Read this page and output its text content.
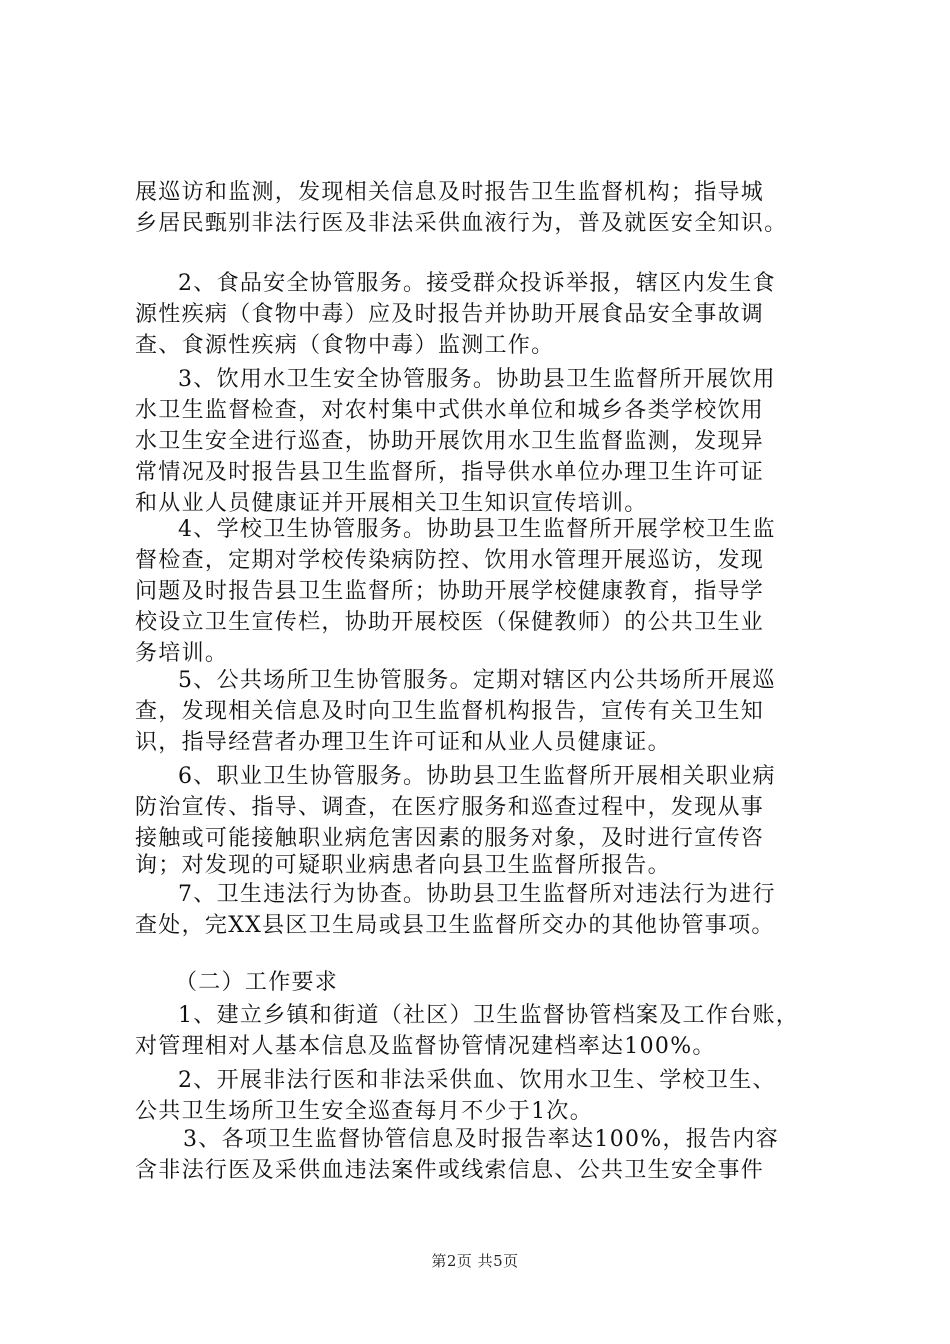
展巡访和监测，发现相关信息及时报告卫生监督机构；指导城
乡居民甄别非法行医及非法采供血液行为，普及就医安全知识。
2、食品安全协管服务。接受群众投诉举报，辖区内发生食
源性疾病（食物中毒）应及时报告并协助开展食品安全事故调
查、食源性疾病（食物中毒）监测工作。
3、饮用水卫生安全协管服务。协助县卫生监督所开展饮用
水卫生监督检查，对农村集中式供水单位和城乡各类学校饮用
水卫生安全进行巡查，协助开展饮用水卫生监督监测，发现异
常情况及时报告县卫生监督所，指导供水单位办理卫生许可证
和从业人员健康证并开展相关卫生知识宣传培训。
4、学校卫生协管服务。协助县卫生监督所开展学校卫生监
督检查，定期对学校传染病防控、饮用水管理开展巡访，发现
问题及时报告县卫生监督所；协助开展学校健康教育，指导学
校设立卫生宣传栏，协助开展校医（保健教师）的公共卫生业
务培训。
5、公共场所卫生协管服务。定期对辖区内公共场所开展巡
查，发现相关信息及时向卫生监督机构报告，宣传有关卫生知
识，指导经营者办理卫生许可证和从业人员健康证。
6、职业卫生协管服务。协助县卫生监督所开展相关职业病
防治宣传、指导、调查，在医疗服务和巡查过程中，发现从事
接触或可能接触职业病危害因素的服务对象，及时进行宣传咨
询；对发现的可疑职业病患者向县卫生监督所报告。
7、卫生违法行为协查。协助县卫生监督所对违法行为进行
查处，完XX县区卫生局或县卫生监督所交办的其他协管事项。
（二）工作要求
1、建立乡镇和街道（社区）卫生监督协管档案及工作台账，
对管理相对人基本信息及监督协管情况建档率达100%。
2、开展非法行医和非法采供血、饮用水卫生、学校卫生、
公共卫生场所卫生安全巡查每月不少于1次。
3、各项卫生监督协管信息及时报告率达100%，报告内容
含非法行医及采供血违法案件或线索信息、公共卫生安全事件
第2页 共5页
